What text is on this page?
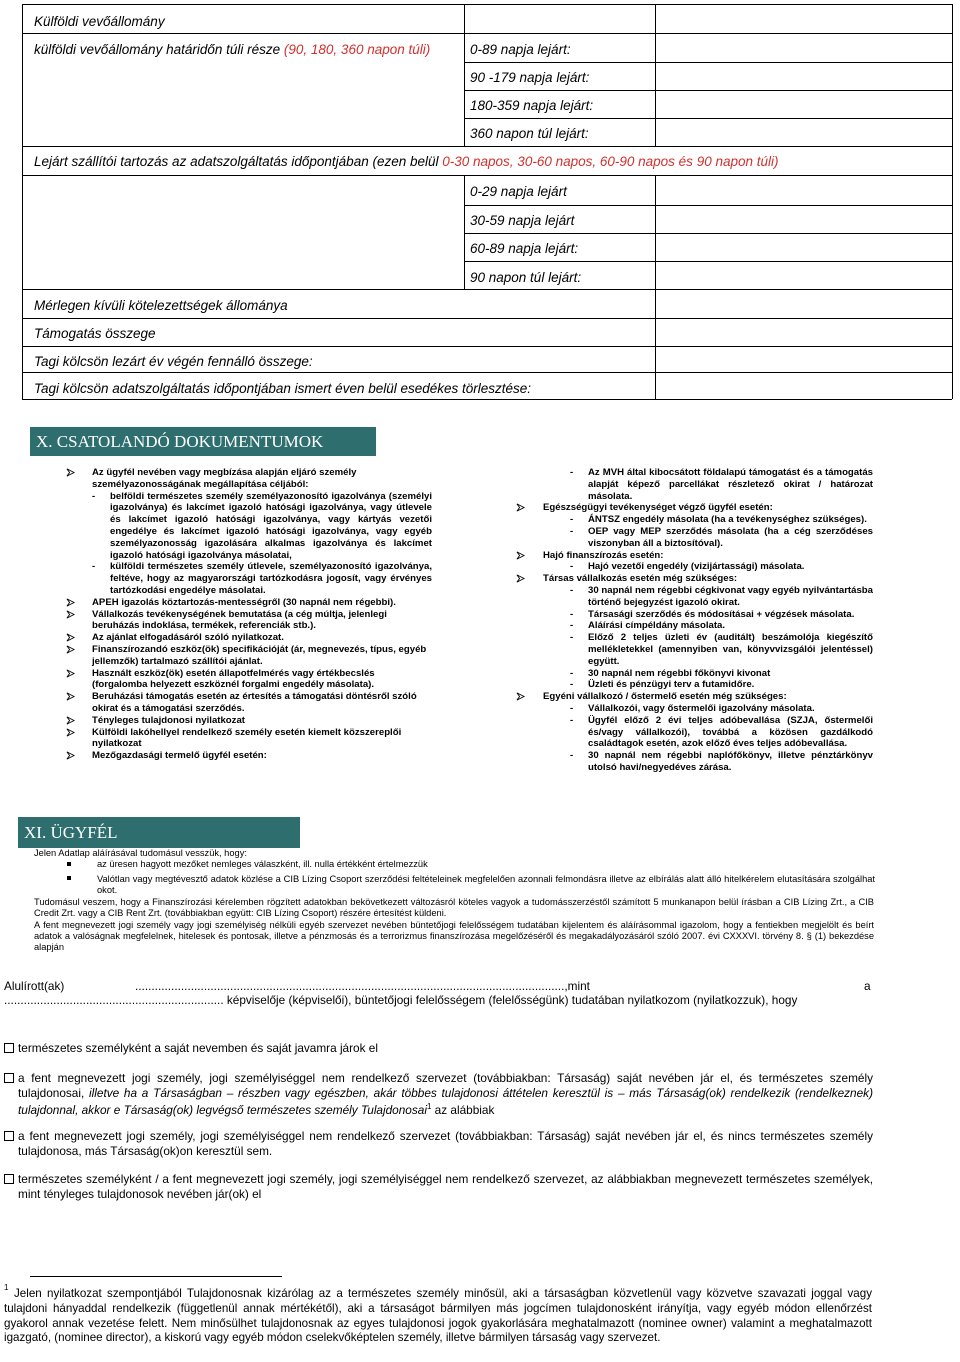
Külföldi vevőállomány
külföldi vevőállomány határidőn túli része (90, 180, 360 napon túli)	0-89 napja lejárt:
90 -179 napja lejárt:
180-359 napja lejárt:
360 napon túl lejárt:
Lejárt szállítói tartozás az adatszolgáltatás időpontjában (ezen belül 0-30 napos, 30-60 napos, 60-90 napos és 90 napon túli)
0-29 napja lejárt
30-59 napja lejárt
60-89 napja lejárt:
90 napon túl lejárt:
Mérlegen kívüli kötelezettségek állománya
Támogatás összege
Tagi kölcsön lezárt év végén fennálló összege:
Tagi kölcsön adatszolgáltatás időpontjában ismert éven belül esedékes törlesztése:
X. CSATOLANDÓ DOKUMENTUMOK
Az ügyfél nevében vagy megbízása alapján eljáró személy személyazonosságának megállapítása céljából:
- belföldi természetes személy személyazonosító igazolványa (személyi igazolványa) és lakcímet igazoló hatósági igazolványa, vagy útlevele és lakcímet igazoló hatósági igazolványa, vagy kártyás vezetői engedélye és lakcímet igazoló hatósági igazolványa, vagy egyéb személyazonosság igazolására alkalmas igazolványa és lakcímet igazoló hatósági igazolványa másolatai,
- külföldi természetes személy útlevele, személyazonosító igazolványa, feltéve, hogy az magyarországi tartózkodásra jogosít, vagy érvényes tartózkodási engedélye másolatai.
APEH igazolás köztartozás-mentességről (30 napnál nem régebbi).
Vállalkozás tevékenységének bemutatása (a cég múltja, jelenlegi beruházás indoklása, termékek, referenciák stb.).
Az ajánlat elfogadásáról szóló nyilatkozat.
Finanszírozandó eszköz(ök) specifikációját (ár, megnevezés, típus, egyéb jellemzők) tartalmazó szállítói ajánlat.
Használt eszköz(ök) esetén állapotfelmérés vagy értékbecslés (forgalomba helyezett eszköznél forgalmi engedély másolata).
Beruházási támogatás esetén az értesítés a támogatási döntésről szóló okirat és a támogatási szerződés.
Tényleges tulajdonosi nyilatkozat
Külföldi lakóhellyel rendelkező személy esetén kiemelt közszereplői nyilatkozat
Mezőgazdasági termelő ügyfél esetén:
- Az MVH által kibocsátott földalapú támogatást és a támogatás alapját képező parcellákat részletező okirat / határozat másolata.
Egészségügyi tevékenységet végző ügyfél esetén:
- ÁNTSZ engedély másolata (ha a tevékenységhez szükséges).
- OEP vagy MEP szerződés másolata (ha a cég szerződéses viszonyban áll a biztosítóval).
Hajó finanszírozás esetén:
- Hajó vezetői engedély (vizijártassági) másolata.
Társas vállalkozás esetén még szükséges:
- 30 napnál nem régebbi cégkivonat vagy egyéb nyilvántartásba történő bejegyzést igazoló okirat.
- Társasági szerződés és módosításai + végzések másolata.
- Aláírási címpéldány másolata.
- Előző 2 teljes üzleti év (auditált) beszámolója kiegészítő mellékletekkel (amennyiben van, könyvvizsgálói jelentéssel) együtt.
- 30 napnál nem régebbi főkönyvi kivonat
- Üzleti és pénzügyi terv a futamidőre.
Egyéni vállalkozó / őstermelő esetén még szükséges:
- Vállalkozói, vagy őstermelői igazolvány másolata.
- Ügyfél előző 2 évi teljes adóbevallása (SZJA, őstermelői és/vagy vállalkozói), továbbá a közösen gazdálkodó családtagok esetén, azok előző éves teljes adóbevallása.
- 30 napnál nem régebbi naplófőkönyv, illetve pénztárkönyv utolsó havi/negyedéves zárása.
XI. ÜGYFÉL
Jelen Adatlap aláírásával tudomásul vesszük, hogy:
az üresen hagyott mezőket nemleges válaszként, ill. nulla értékként értelmezzük
Valótlan vagy megtévesztő adatok közlése a CIB Lízing Csoport szerződési feltételeinek megfelelően azonnali felmondásra illetve az elbírálás alatt álló hitelkérelem elutasítására szolgálhat okot.
Tudomásul veszem, hogy a Finanszírozási kérelemben rögzített adatokban bekövetkezett változásról köteles vagyok a tudomásszerzéstől számított 5 munkanapon belül írásban a CIB Lízing Zrt., a CIB Credit Zrt. vagy a CIB Rent Zrt. (továbbiakban együtt: CIB Lízing Csoport) részére értesítést küldeni.
A fent megnevezett jogi személy vagy jogi személyiség nélküli egyéb szervezet nevében büntetőjogi felelősségem tudatában kijelentem és aláírásommal igazolom, hogy a fentiekben megjelölt és beírt adatok a valóságnak megfelelnek, hitelesek és pontosak, illetve a pénzmosás és a terrorizmus finanszírozása megelőzéséről és megakadályozásáról szóló 2007. évi CXXXVI. törvény 8. § (1) bekezdése alapján
Alulírott(ak)	...................................................................................................................................,mint	a
................................................................... képviselője (képviselői), büntetőjogi felelősségem (felelősségünk) tudatában nyilatkozom (nyilatkozzuk), hogy
természetes személyként a saját nevemben és saját javamra járok el
a fent megnevezett jogi személy, jogi személyiséggel nem rendelkező szervezet (továbbiakban: Társaság) saját nevében jár el, és természetes személy tulajdonosai, illetve ha a Társaságban – részben vagy egészben, akár többes tulajdonosi áttételen keresztül is – más Társaság(ok) rendelkezik (rendelkeznek) tulajdonnal, akkor e Társaság(ok) legvégső természetes személy Tulajdonosai$^1$ az alábbiak
a fent megnevezett jogi személy, jogi személyiséggel nem rendelkező szervezet (továbbiakban: Társaság) saját nevében jár el, és nincs természetes személy tulajdonosa, más Társaság(ok)on keresztül sem.
természetes személyként / a fent megnevezett jogi személy, jogi személyiséggel nem rendelkező szervezet, az alábbiakban megnevezett természetes személyek, mint tényleges tulajdonosok nevében jár(ok) el
1 Jelen nyilatkozat szempontjából Tulajdonosnak kizárólag az a természetes személy minősül, aki a társaságban közvetlenül vagy közvetve szavazati joggal vagy tulajdoni hányaddal rendelkezik (függetlenül annak mértékétől), aki a társaságot bármilyen más jogcímen tulajdonosként irányítja, vagy egyéb módon ellenőrzést gyakorol annak vezetése felett. Nem minősülhet tulajdonosnak az egyes tulajdonosi jogok gyakorlására meghatalmazott (nominee owner) valamint a meghatalmazott igazgató, (nominee director), a kiskorú vagy egyéb módon cselekvőképtelen személy, illetve bármilyen társaság vagy szervezet.
